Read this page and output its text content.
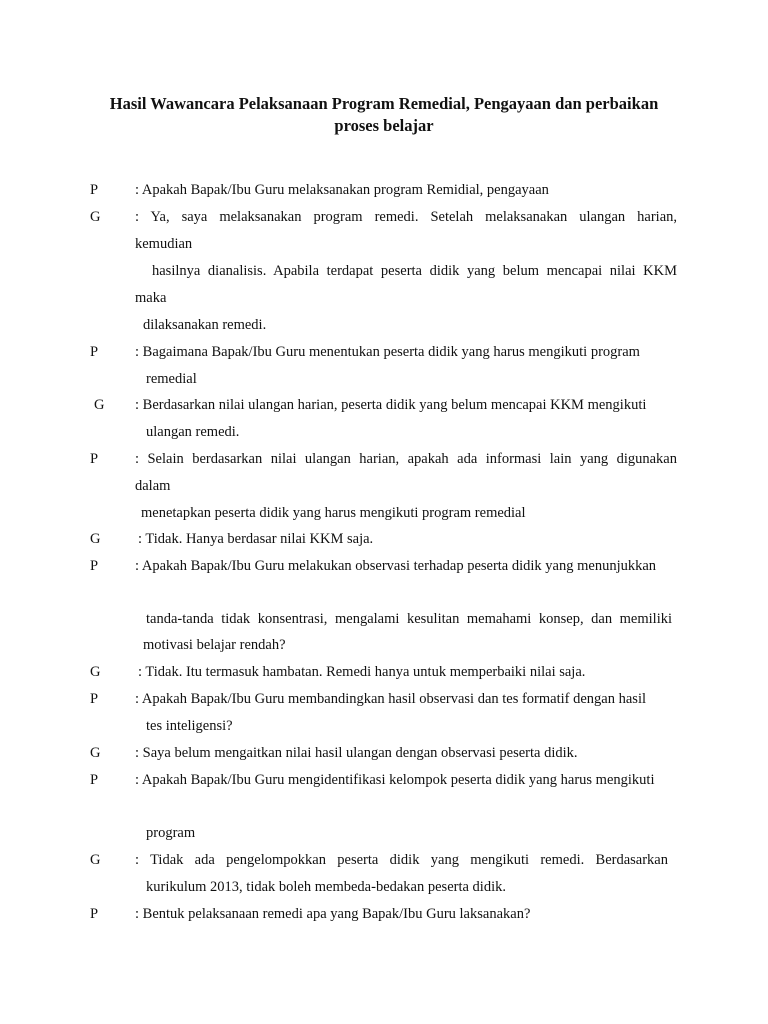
Hasil Wawancara Pelaksanaan Program Remedial, Pengayaan dan perbaikan
proses belajar
P	: Apakah Bapak/Ibu Guru melaksanakan program Remidial, pengayaan
G : Ya, saya melaksanakan program remedi. Setelah melaksanakan ulangan harian,
kemudian
hasilnya dianalisis. Apabila terdapat peserta didik yang belum mencapai nilai KKM
maka
dilaksanakan remedi.
P	: Bagaimana Bapak/Ibu Guru menentukan peserta didik yang harus mengikuti program
remedial
G : Berdasarkan nilai ulangan harian, peserta didik yang belum mencapai KKM mengikuti
ulangan remedi.
P	: Selain berdasarkan nilai ulangan harian, apakah ada informasi lain yang digunakan
dalam
menetapkan peserta didik yang harus mengikuti program remedial
G	: Tidak. Hanya berdasar nilai KKM saja.
P	: Apakah Bapak/Ibu Guru melakukan observasi terhadap peserta didik yang menunjukkan
tanda-tanda tidak konsentrasi, mengalami kesulitan memahami konsep, dan memiliki
motivasi belajar rendah?
G	: Tidak. Itu termasuk hambatan. Remedi hanya untuk memperbaiki nilai saja.
P	: Apakah Bapak/Ibu Guru membandingkan hasil observasi dan tes formatif dengan hasil
tes inteligensi?
G : Saya belum mengaitkan nilai hasil ulangan dengan observasi peserta didik.
P	: Apakah Bapak/Ibu Guru mengidentifikasi kelompok peserta didik yang harus mengikuti
program
G : Tidak ada pengelompokkan peserta didik yang mengikuti remedi. Berdasarkan
kurikulum 2013, tidak boleh membeda-bedakan peserta didik.
P	: Bentuk pelaksanaan remedi apa yang Bapak/Ibu Guru laksanakan?
